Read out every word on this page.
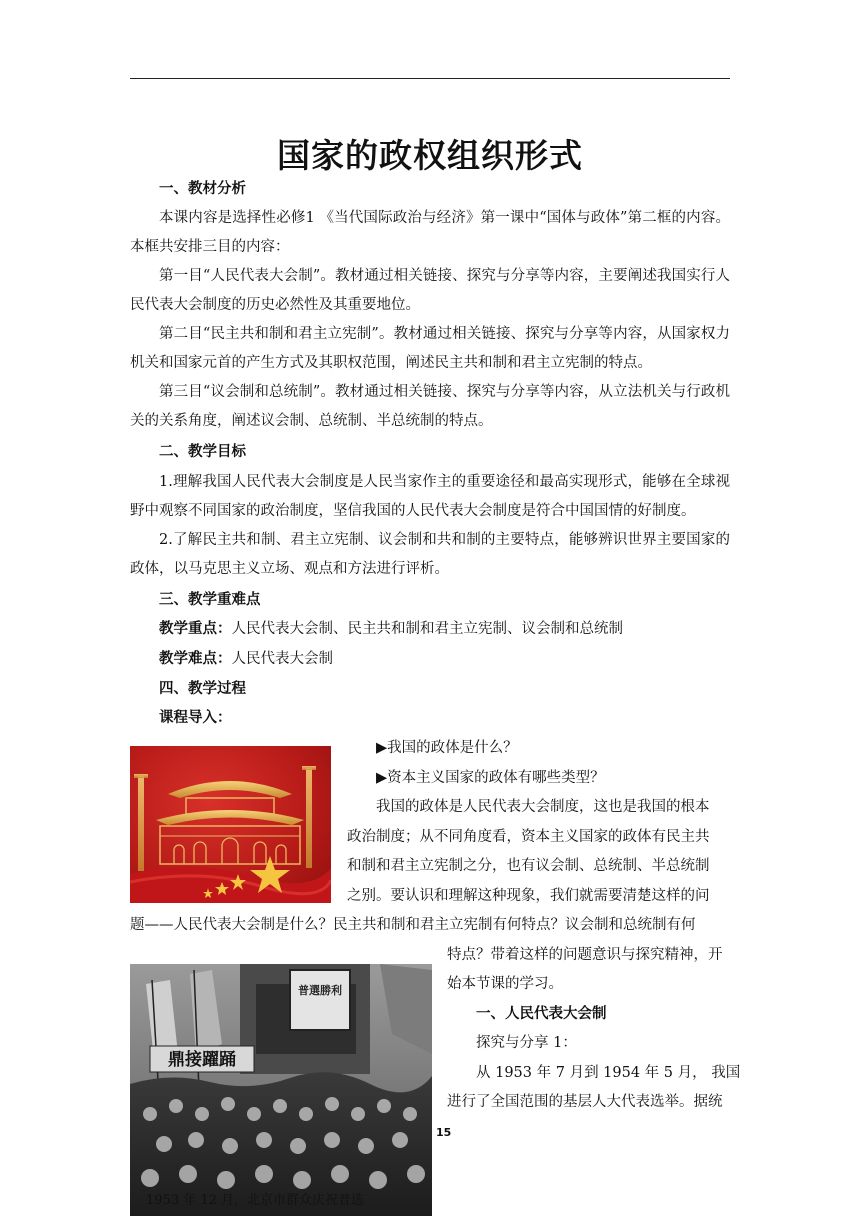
国家的政权组织形式

一、教材分析

本课内容是选择性必修1 《当代国际政治与经济》第一课中“国体与政体”第二框的内容。本框共安排三目的内容：

第一目“人民代表大会制”。教材通过相关链接、探究与分享等内容，主要阐述我国实行人民代表大会制度的历史必然性及其重要地位。

第二目“民主共和制和君主立宪制”。教材通过相关链接、探究与分享等内容，从国家权力机关和国家元首的产生方式及其职权范围，阐述民主共和制和君主立宪制的特点。

第三目“议会制和总统制”。教材通过相关链接、探究与分享等内容，从立法机关与行政机关的关系角度，阐述议会制、总统制、半总统制的特点。

二、教学目标

1.理解我国人民代表大会制度是人民当家作主的重要途径和最高实现形式，能够在全球视野中观察不同国家的政治制度，坚信我国的人民代表大会制度是符合中国国情的好制度。

2.了解民主共和制、君主立宪制、议会制和共和制的主要特点，能够辨识世界主要国家的政体，以马克思主义立场、观点和方法进行评析。

三、教学重难点

教学重点：人民代表大会制、民主共和制和君主立宪制、议会制和总统制

教学难点：人民代表大会制

四、教学过程

课程导入：

▶我国的政体是什么？
▶资本主义国家的政体有哪些类型？
我国的政体是人民代表大会制度，这也是我国的根本
政治制度；从不同角度看，资本主义国家的政体有民主共
和制和君主立宪制之分，也有议会制、总统制、半总统制
之别。要认识和理解这种现象，我们就需要清楚这样的问
题——人民代表大会制是什么？民主共和制和君主立宪制有何特点？议会制和总统制有何
特点？带着这样的问题意识与探究精神，开
始本节课的学习。
一、人民代表大会制
探究与分享 1：
从 1953 年 7 月到 1954 年 5 月， 我国
进行了全国范围的基层人大代表选举。据统
普選勝利
鼎接躍踊
15
1953 年 12 月，北京市群众庆祝普选
